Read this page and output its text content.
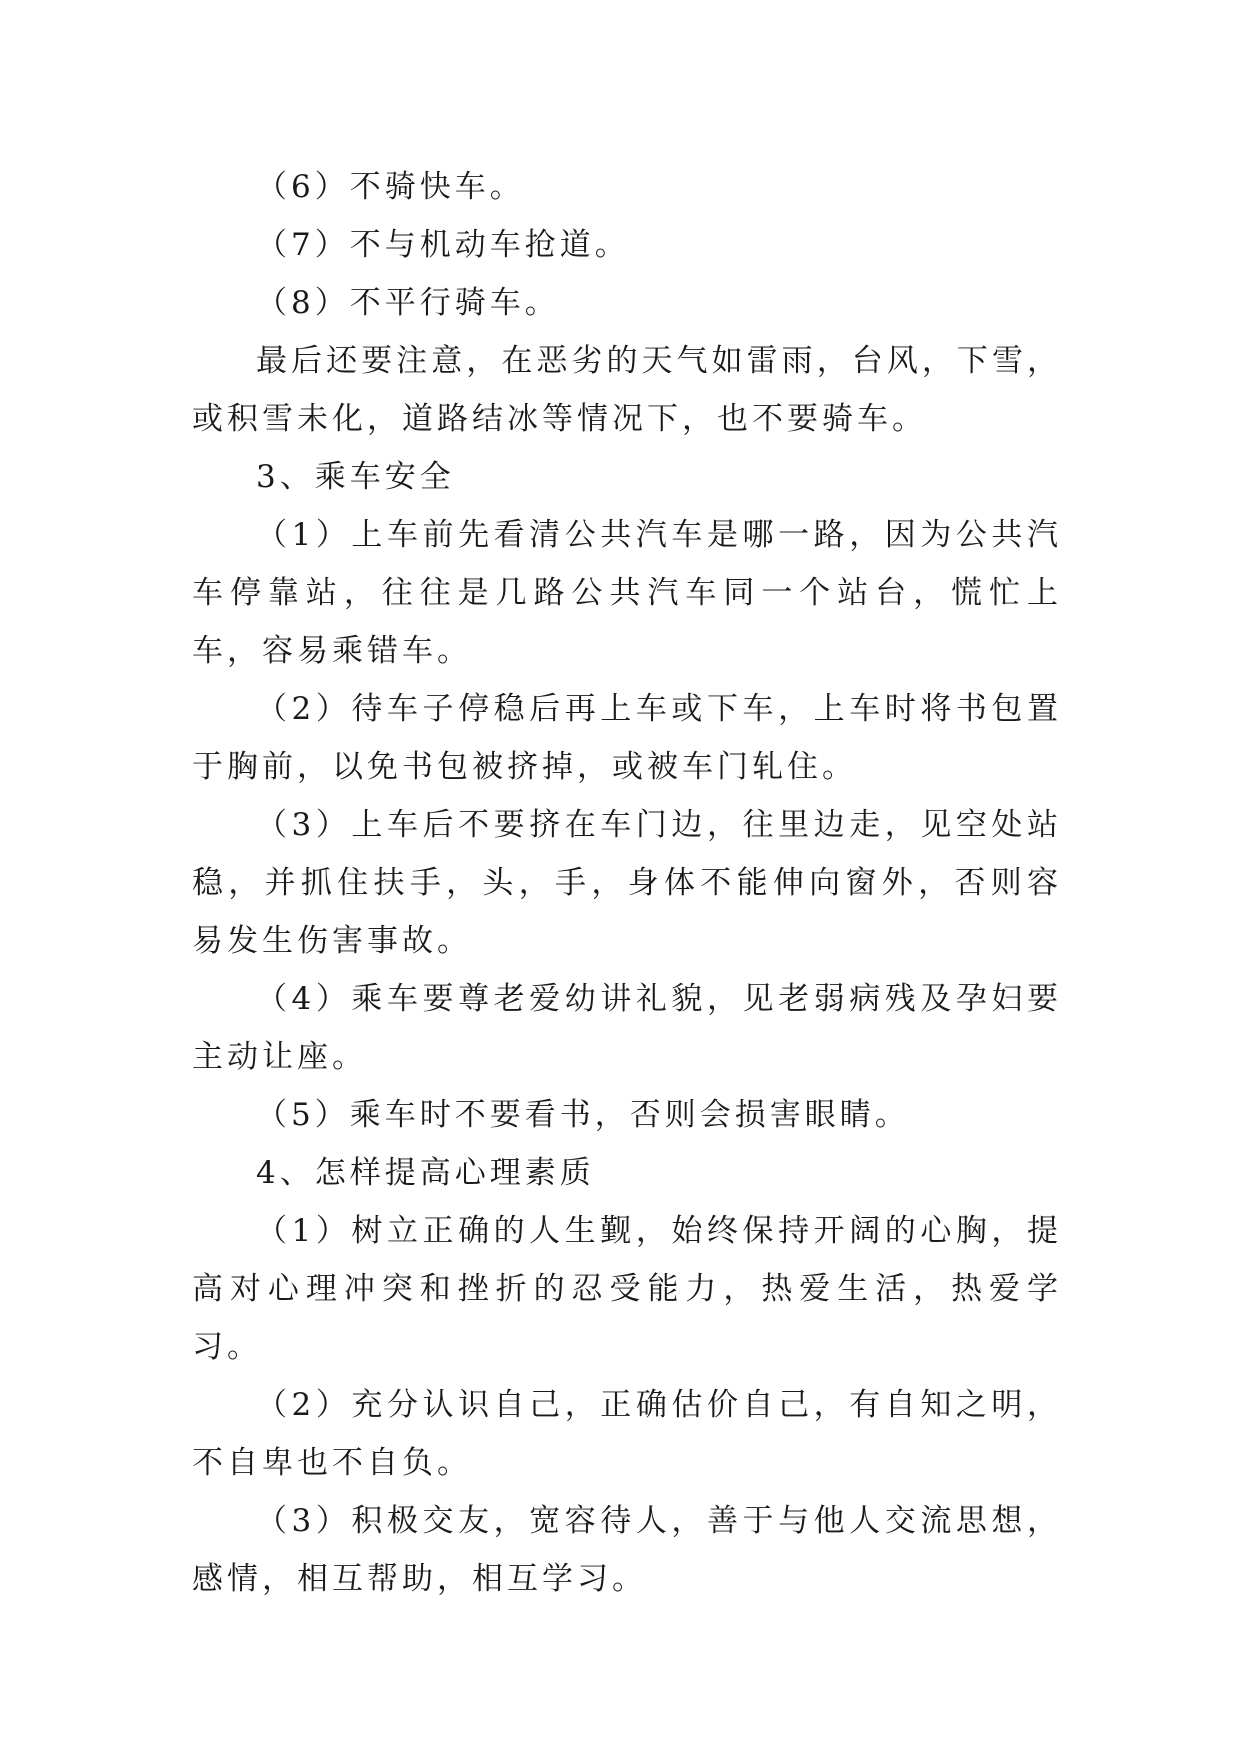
（6）不骑快车。

（7）不与机动车抢道。

（8）不平行骑车。

最后还要注意，在恶劣的天气如雷雨，台风，下雪，或积雪未化，道路结冰等情况下，也不要骑车。

3、乘车安全

（1）上车前先看清公共汽车是哪一路，因为公共汽车停靠站，往往是几路公共汽车同一个站台，慌忙上车，容易乘错车。

（2）待车子停稳后再上车或下车，上车时将书包置于胸前，以免书包被挤掉，或被车门轧住。

（3）上车后不要挤在车门边，往里边走，见空处站稳，并抓住扶手，头，手，身体不能伸向窗外，否则容易发生伤害事故。

（4）乘车要尊老爱幼讲礼貌，见老弱病残及孕妇要主动让座。

（5）乘车时不要看书，否则会损害眼睛。

4、怎样提高心理素质

（1）树立正确的人生觐，始终保持开阔的心胸，提高对心理冲突和挫折的忍受能力，热爱生活，热爱学习。

（2）充分认识自己，正确估价自己，有自知之明，不自卑也不自负。

（3）积极交友，宽容待人，善于与他人交流思想，感情，相互帮助，相互学习。
